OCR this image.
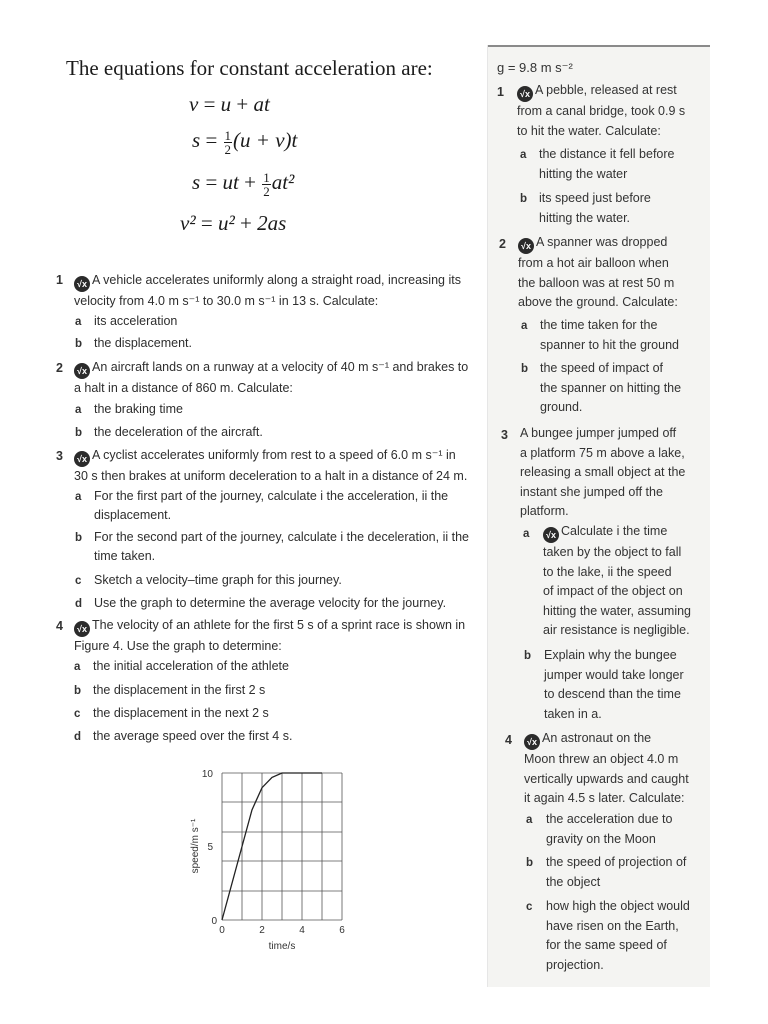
The equations for constant acceleration are:
v = u + at
$s = \frac{1}{2} (u + v)t$
s = ut + $\frac{1}{2} at^2$
v² = u² + 2as
1	√x A vehicle accelerates uniformly along a straight road, increasing its
velocity from 4.0 m s⁻¹ to 30.0 m s⁻¹ in 13 s. Calculate:
a its acceleration
b the displacement.
2	√x An aircraft lands on a runway at a velocity of 40 m s⁻¹ and brakes to
a halt in a distance of 860 m. Calculate:
a the braking time
b the deceleration of the aircraft.
3	√x A cyclist accelerates uniformly from rest to a speed of 6.0 m s⁻¹ in
30 s then brakes at uniform deceleration to a halt in a distance of 24 m.
a For the first part of the journey, calculate i the acceleration, ii the
displacement.
b For the second part of the journey, calculate i the deceleration, ii the
time taken.
c Sketch a velocity–time graph for this journey.
d Use the graph to determine the average velocity for the journey.
4	√x The velocity of an athlete for the first 5 s of a sprint race is shown in
Figure 4. Use the graph to determine:
a the initial acceleration of the athlete
b the displacement in the first 2 s
c the displacement in the next 2 s
d the average speed over the first 4 s.
10
5
0
0	2	4	6
time/s
speed/m s⁻¹
g = 9.8 m s⁻²
1	√x A pebble, released at rest
from a canal bridge, took 0.9 s
to hit the water. Calculate:
a the distance it fell before
hitting the water
b its speed just before
hitting the water.
2	√x A spanner was dropped
from a hot air balloon when
the balloon was at rest 50 m
above the ground. Calculate:
a the time taken for the
spanner to hit the ground
b the speed of impact of
the spanner on hitting the
ground.
3 A bungee jumper jumped off
a platform 75 m above a lake,
releasing a small object at the
instant she jumped off the
platform.
a	√x Calculate i the time
taken by the object to fall
to the lake, ii the speed
of impact of the object on
hitting the water, assuming
air resistance is negligible.
b Explain why the bungee
jumper would take longer
to descend than the time
taken in a.
4	√x An astronaut on the
Moon threw an object 4.0 m
vertically upwards and caught
it again 4.5 s later. Calculate:
a the acceleration due to
gravity on the Moon
b the speed of projection of
the object
c how high the object would
have risen on the Earth,
for the same speed of
projection.
